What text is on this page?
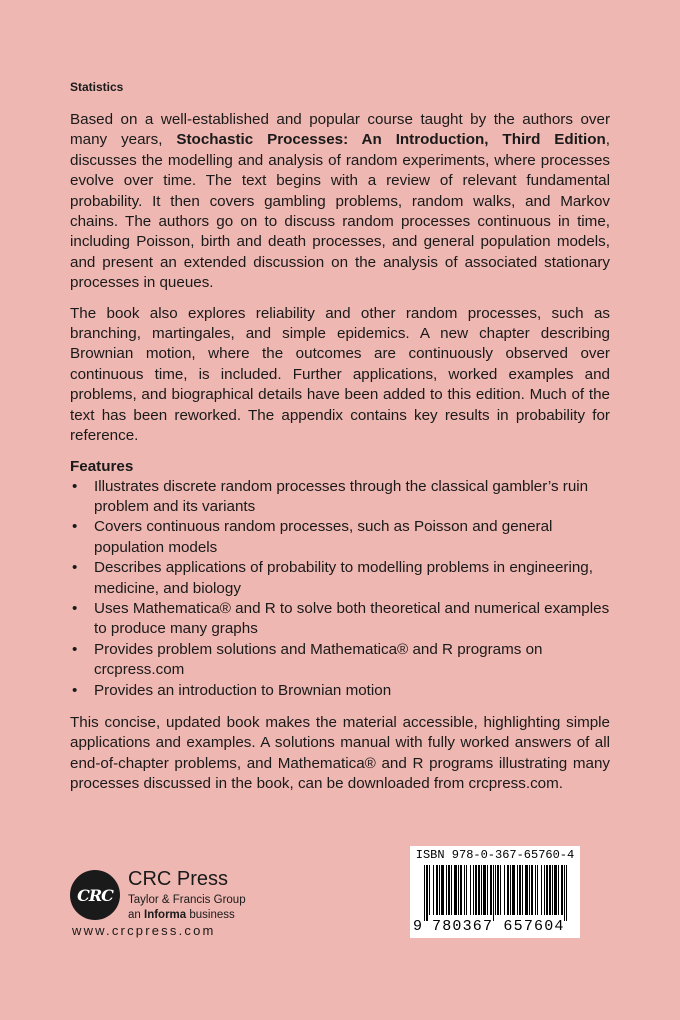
Statistics

Based on a well-established and popular course taught by the authors over many years, Stochastic Processes: An Introduction, Third Edition, discusses the modelling and analysis of random experiments, where processes evolve over time. The text begins with a review of relevant fundamental probability. It then covers gambling problems, random walks, and Markov chains. The authors go on to discuss random processes continuous in time, including Poisson, birth and death processes, and general population models, and present an extended discussion on the analysis of associated stationary processes in queues.

The book also explores reliability and other random processes, such as branching, martingales, and simple epidemics. A new chapter describing Brownian motion, where the outcomes are continuously observed over continuous time, is included. Further applications, worked examples and problems, and biographical details have been added to this edition. Much of the text has been reworked. The appendix contains key results in probability for reference.

Features
• Illustrates discrete random processes through the classical gambler’s ruin problem and its variants
• Covers continuous random processes, such as Poisson and general population models
• Describes applications of probability to modelling problems in engineering, medicine, and biology
• Uses Mathematica® and R to solve both theoretical and numerical examples to produce many graphs
• Provides problem solutions and Mathematica® and R programs on crcpress.com
• Provides an introduction to Brownian motion

This concise, updated book makes the material accessible, highlighting simple applications and examples. A solutions manual with fully worked answers of all end-of-chapter problems, and Mathematica® and R programs illustrating many processes discussed in the book, can be downloaded from crcpress.com.

CRC
CRC Press
Taylor & Francis Group
an Informa business
www.crcpress.com
ISBN 978-0-367-65760-4
9 780367 657604
